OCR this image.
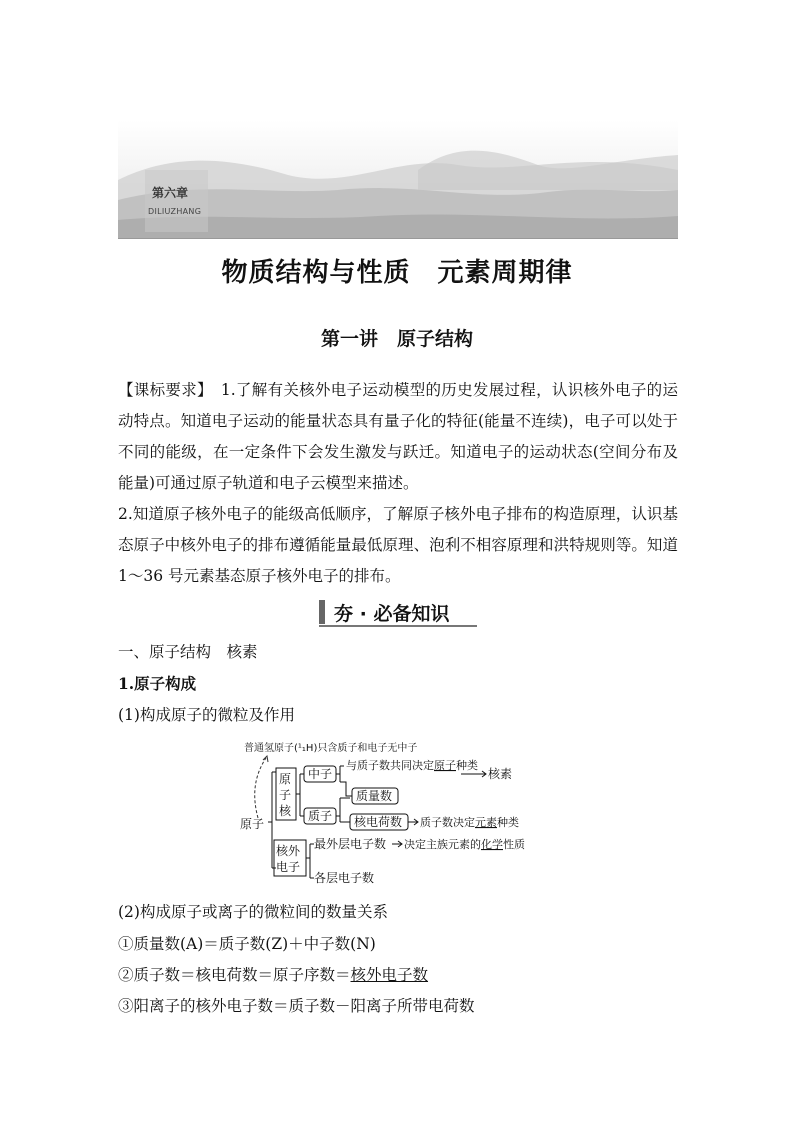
第六章
DILIUZHANG
物质结构与性质　元素周期律
第一讲　原子结构
【课标要求】　1.了解有关核外电子运动模型的历史发展过程，认识核外电子的运动特点。知道电子运动的能量状态具有量子化的特征(能量不连续)，电子可以处于不同的能级，在一定条件下会发生激发与跃迁。知道电子的运动状态(空间分布及能量)可通过原子轨道和电子云模型来描述。
2.知道原子核外电子的能级高低顺序，了解原子核外电子排布的构造原理，认识基态原子中核外电子的排布遵循能量最低原理、泡利不相容原理和洪特规则等。知道 1～36 号元素基态原子核外电子的排布。
夯 · 必备知识
一、原子结构　核素
1.原子构成
(1)构成原子的微粒及作用
普通氢原子(¹₁H)只含质子和电子无中子
原子
原
子
核
中子
质子
与质子数共同决定原子种类
核素
质量数
核电荷数 质子数决定元素种类
核外
电子
最外层电子数 决定主族元素的化学性质
各层电子数
(2)构成原子或离子的微粒间的数量关系
①质量数(A)＝质子数(Z)＋中子数(N)
②质子数＝核电荷数＝原子序数＝核外电子数
③阳离子的核外电子数＝质子数－阳离子所带电荷数
